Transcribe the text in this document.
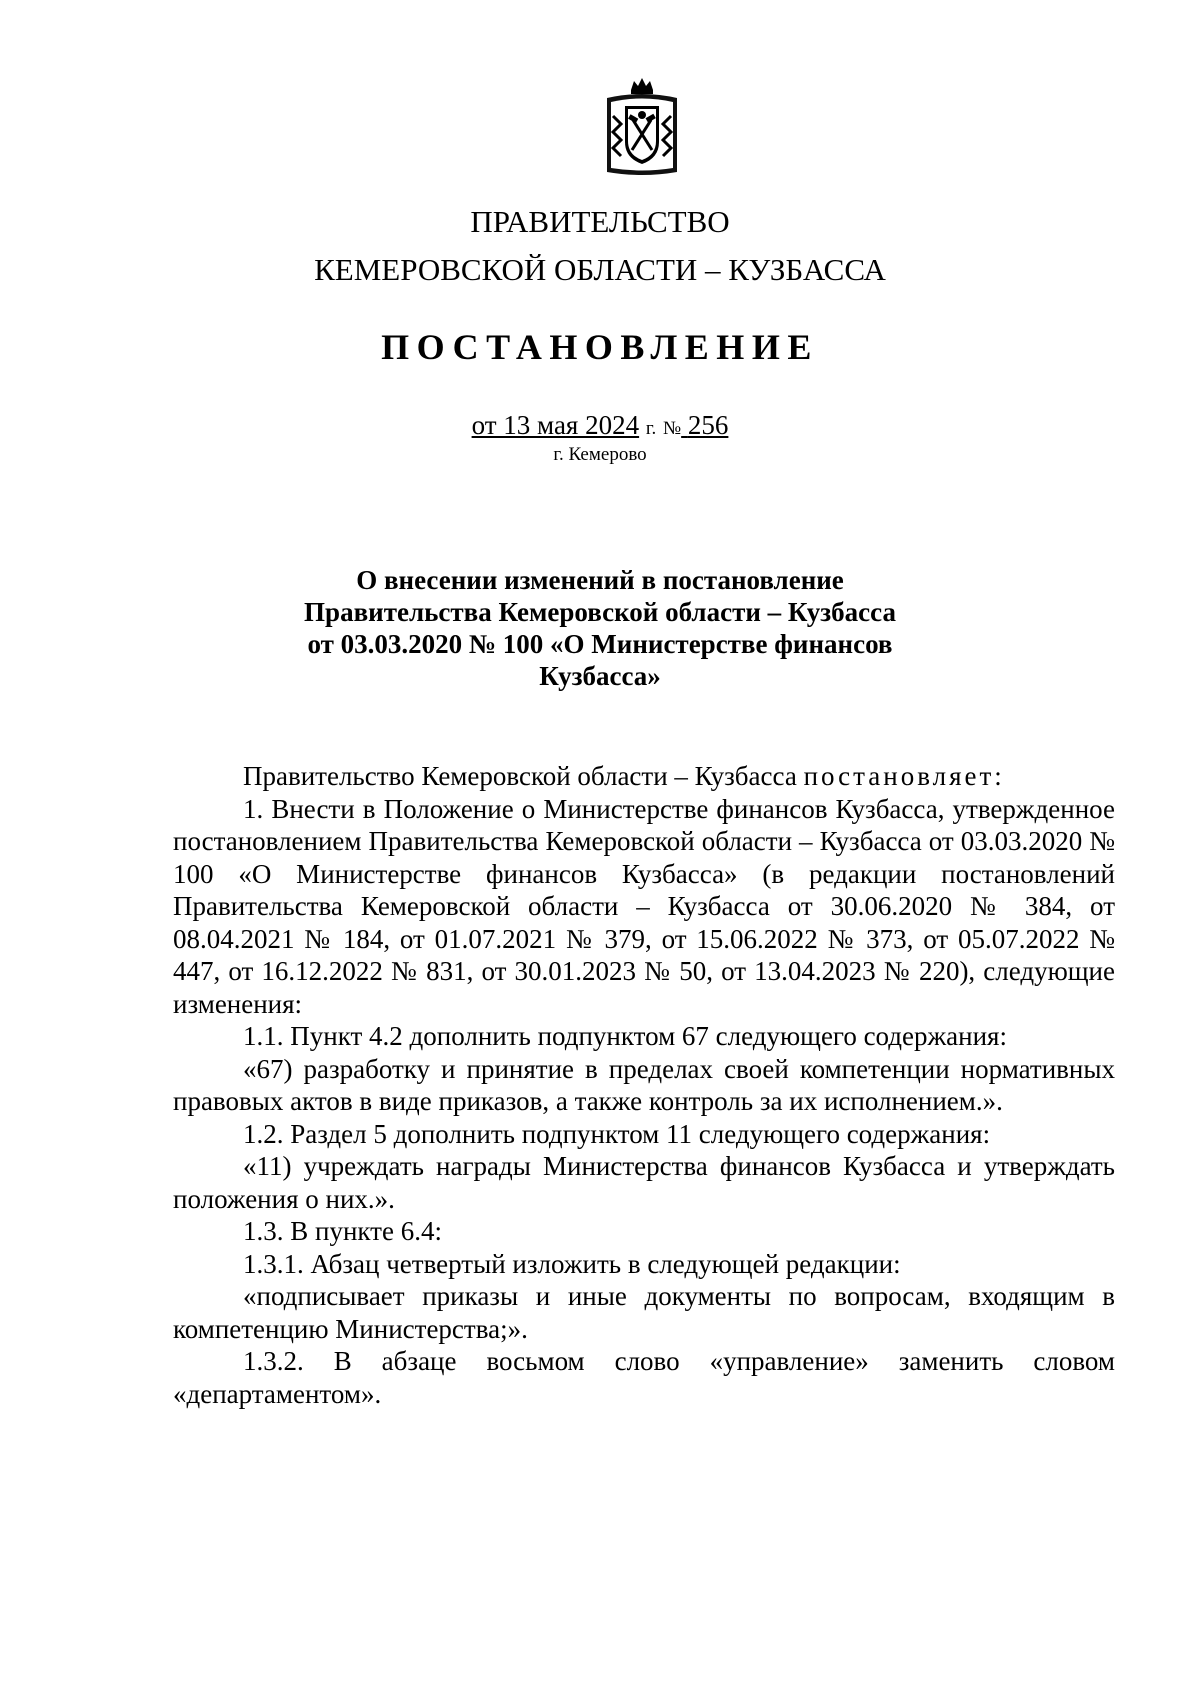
ПРАВИТЕЛЬСТВО
КЕМЕРОВСКОЙ ОБЛАСТИ – КУЗБАССА
ПОСТАНОВЛЕНИЕ
от 13 мая 2024 г. № 256
г. Кемерово
О внесении изменений в постановление
Правительства Кемеровской области – Кузбасса
от 03.03.2020 № 100 «О Министерстве финансов
Кузбасса»
Правительство Кемеровской области – Кузбасса постановляет:
1. Внести в Положение о Министерстве финансов Кузбасса, утвержденное постановлением Правительства Кемеровской области – Кузбасса от 03.03.2020 № 100 «О Министерстве финансов Кузбасса» (в редакции постановлений Правительства Кемеровской области – Кузбасса от 30.06.2020 № 384, от 08.04.2021 № 184, от 01.07.2021 № 379, от 15.06.2022 № 373, от 05.07.2022 № 447, от 16.12.2022 № 831, от 30.01.2023 № 50, от 13.04.2023 № 220), следующие изменения:
1.1. Пункт 4.2 дополнить подпунктом 67 следующего содержания:
«67) разработку и принятие в пределах своей компетенции нормативных правовых актов в виде приказов, а также контроль за их исполнением.».
1.2. Раздел 5 дополнить подпунктом 11 следующего содержания:
«11) учреждать награды Министерства финансов Кузбасса и утверждать положения о них.».
1.3. В пункте 6.4:
1.3.1. Абзац четвертый изложить в следующей редакции:
«подписывает приказы и иные документы по вопросам, входящим в компетенцию Министерства;».
1.3.2. В абзаце восьмом слово «управление» заменить словом «департаментом».
